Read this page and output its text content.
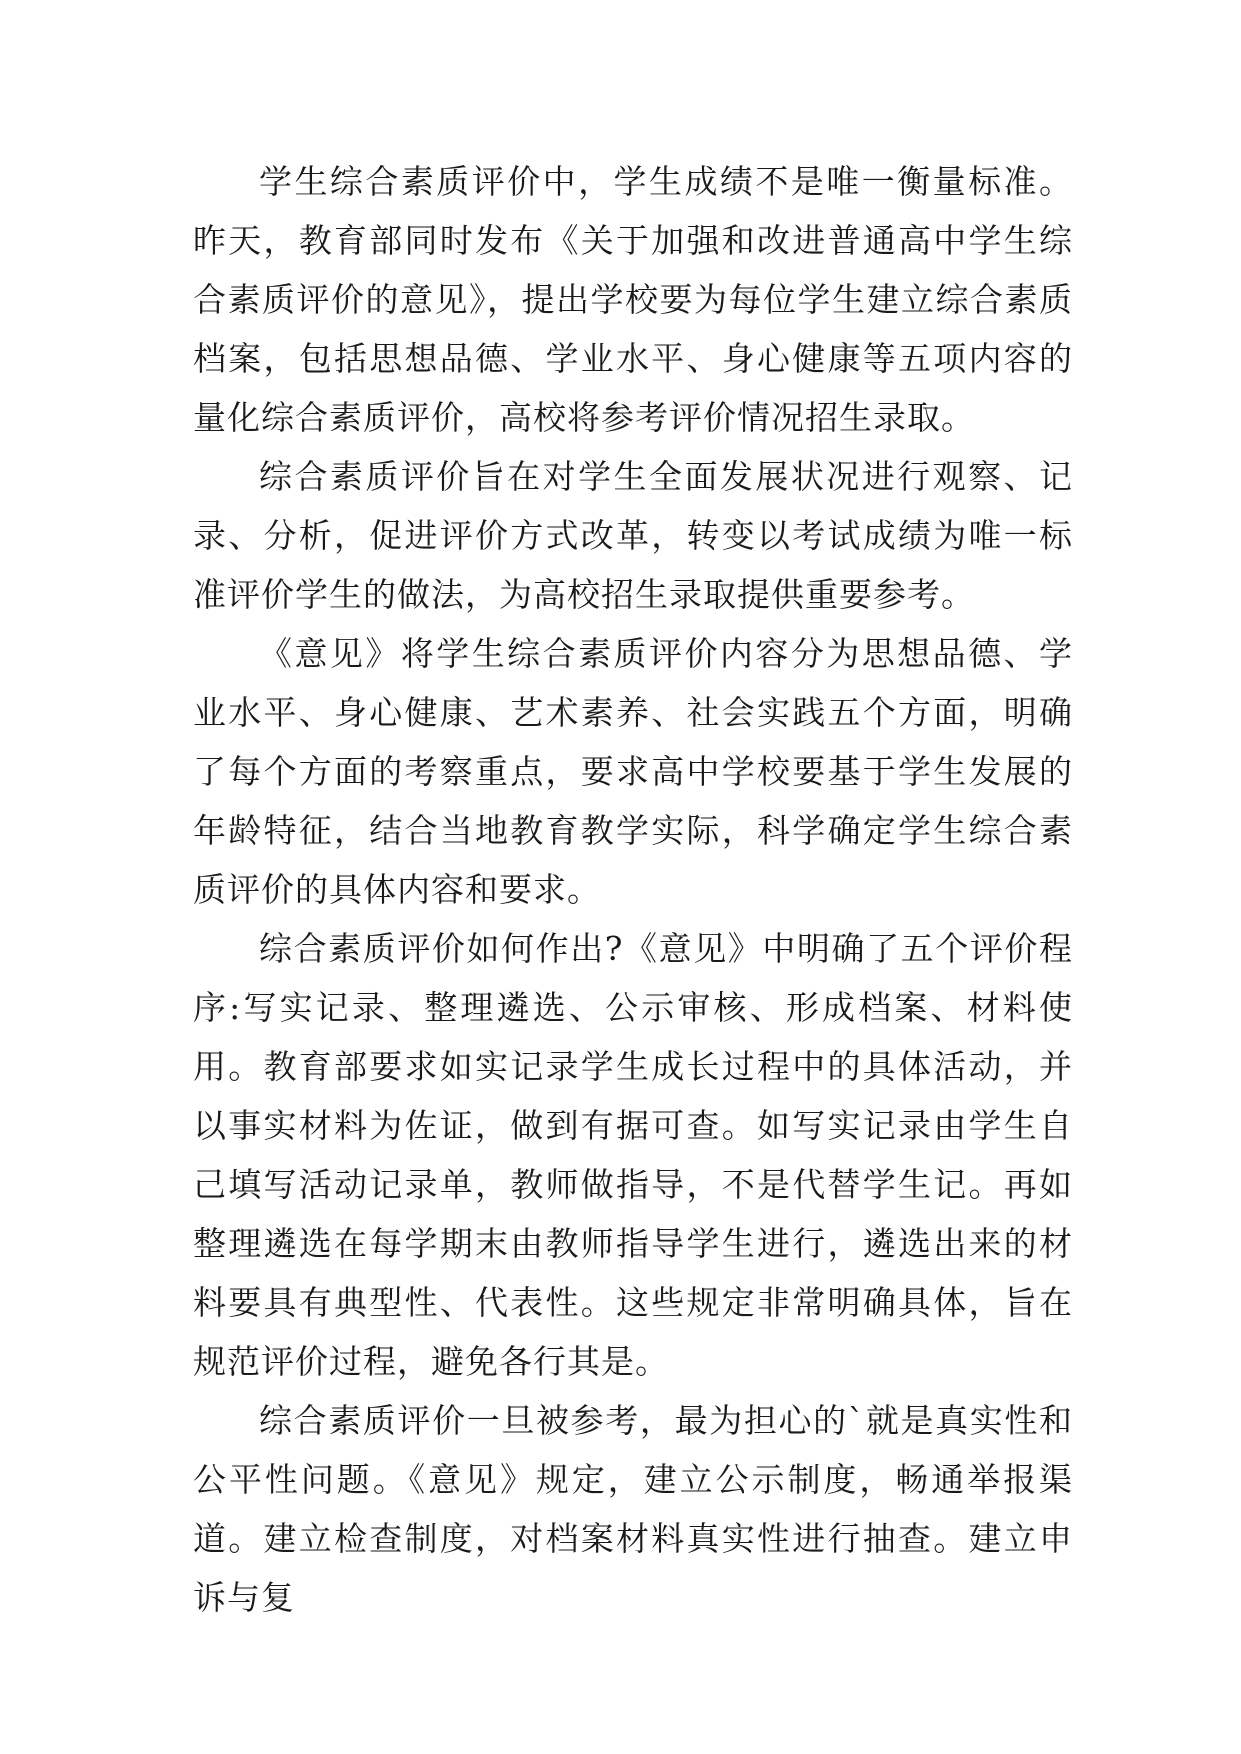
学生综合素质评价中，学生成绩不是唯一衡量标准。昨天，教育部同时发布《关于加强和改进普通高中学生综合素质评价的意见》，提出学校要为每位学生建立综合素质档案，包括思想品德、学业水平、身心健康等五项内容的量化综合素质评价，高校将参考评价情况招生录取。

综合素质评价旨在对学生全面发展状况进行观察、记录、分析，促进评价方式改革，转变以考试成绩为唯一标准评价学生的做法，为高校招生录取提供重要参考。

《意见》将学生综合素质评价内容分为思想品德、学业水平、身心健康、艺术素养、社会实践五个方面，明确了每个方面的考察重点，要求高中学校要基于学生发展的年龄特征，结合当地教育教学实际，科学确定学生综合素质评价的具体内容和要求。

综合素质评价如何作出?《意见》中明确了五个评价程序:写实记录、整理遴选、公示审核、形成档案、材料使用。教育部要求如实记录学生成长过程中的具体活动，并以事实材料为佐证，做到有据可查。如写实记录由学生自己填写活动记录单，教师做指导，不是代替学生记。再如整理遴选在每学期末由教师指导学生进行，遴选出来的材料要具有典型性、代表性。这些规定非常明确具体，旨在规范评价过程，避免各行其是。

综合素质评价一旦被参考，最为担心的`就是真实性和公平性问题。《意见》规定，建立公示制度，畅通举报渠道。建立检查制度，对档案材料真实性进行抽查。建立申诉与复
